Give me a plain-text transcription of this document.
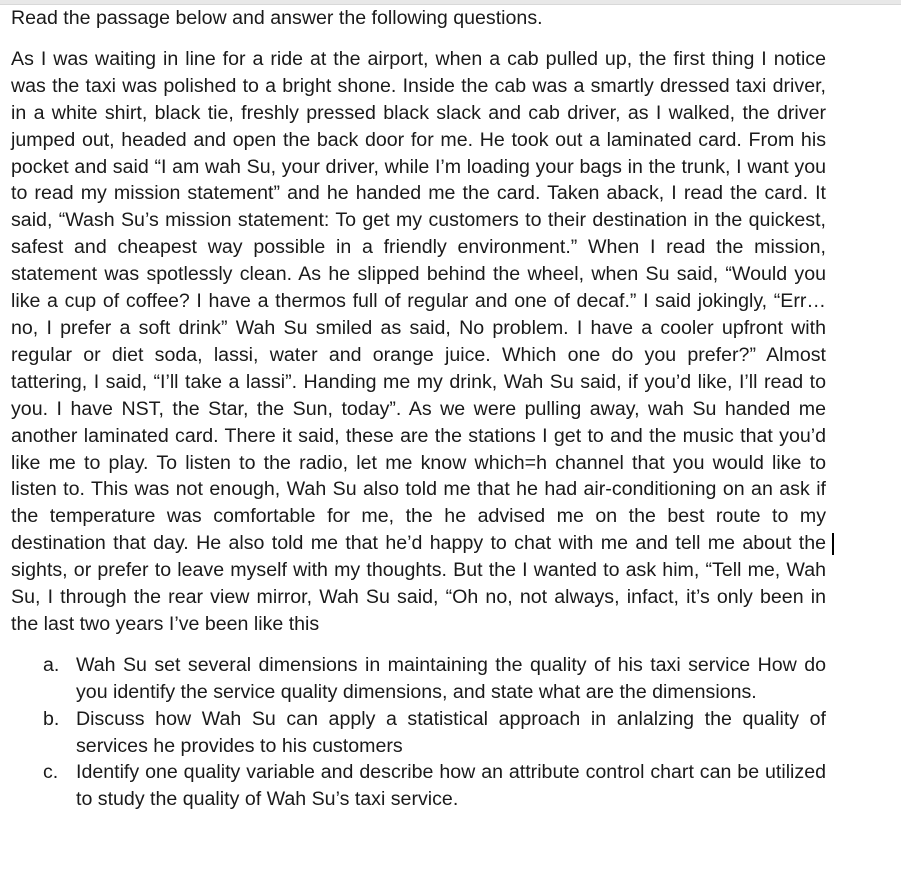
Read the passage below and answer the following questions.

As I was waiting in line for a ride at the airport, when a cab pulled up, the first thing I notice was the taxi was polished to a bright shone. Inside the cab was a smartly dressed taxi driver, in a white shirt, black tie, freshly pressed black slack and cab driver, as I walked, the driver jumped out, headed and open the back door for me. He took out a laminated card. From his pocket and said “I am wah Su, your driver, while I’m loading your bags in the trunk, I want you to read my mission statement” and he handed me the card. Taken aback, I read the card. It said, “Wash Su’s mission statement: To get my customers to their destination in the quickest, safest and cheapest way possible in a friendly environment.” When I read the mission, statement was spotlessly clean. As he slipped behind the wheel, when Su said, “Would you like a cup of coffee? I have a thermos full of regular and one of decaf.” I said jokingly, “Err…no, I prefer a soft drink” Wah Su smiled as said, No problem. I have a cooler upfront with regular or diet soda, lassi, water and orange juice. Which one do you prefer?” Almost tattering, I said, “I’ll take a lassi”. Handing me my drink, Wah Su said, if you’d like, I’ll read to you. I have NST, the Star, the Sun, today”. As we were pulling away, wah Su handed me another laminated card. There it said, these are the stations I get to and the music that you’d like me to play. To listen to the radio, let me know which=h channel that you would like to listen to. This was not enough, Wah Su also told me that he had air-conditioning on an ask if the temperature was comfortable for me, the he advised me on the best route to my destination that day. He also told me that he’d happy to chat with me and tell me about the sights, or prefer to leave myself with my thoughts. But the I wanted to ask him, “Tell me, Wah Su, I through the rear view mirror, Wah Su said, “Oh no, not always, infact, it’s only been in the last two years I’ve been like this

a. Wah Su set several dimensions in maintaining the quality of his taxi service How do you identify the service quality dimensions, and state what are the dimensions.
b. Discuss how Wah Su can apply a statistical approach in anlalzing the quality of services he provides to his customers
c. Identify one quality variable and describe how an attribute control chart can be utilized to study the quality of Wah Su’s taxi service.
